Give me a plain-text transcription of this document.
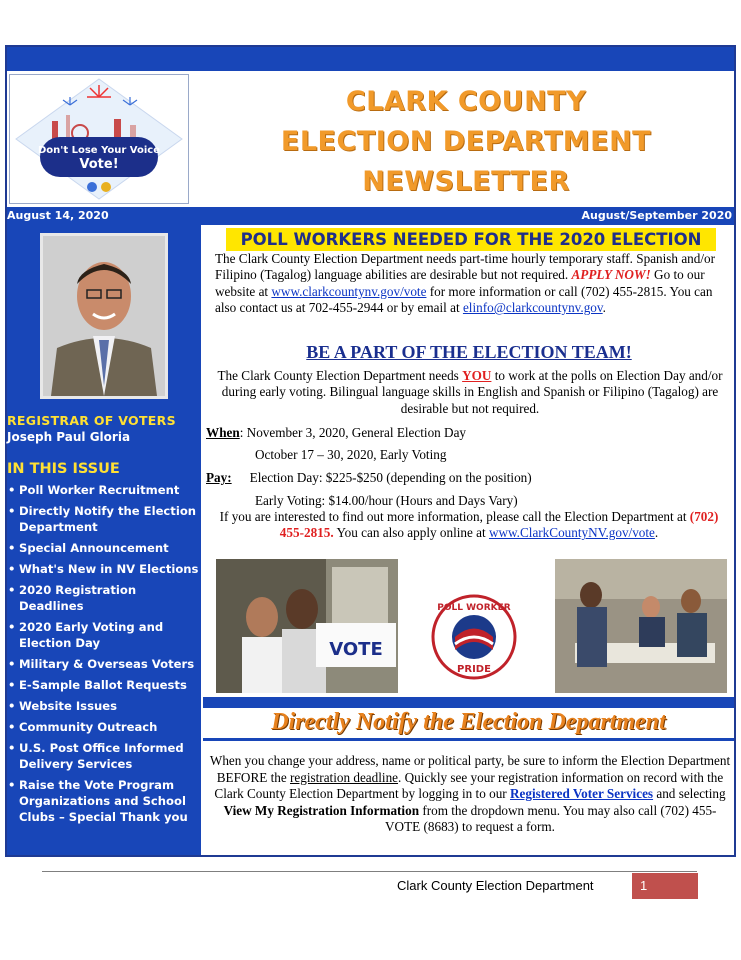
Don't Lose Your Voice
Vote!
CLARK COUNTY
ELECTION DEPARTMENT
NEWSLETTER
August 14, 2020	August/September 2020
REGISTRAR OF VOTERS
Joseph Paul Gloria
IN THIS ISSUE
• Poll Worker Recruitment
• Directly Notify the Election Department
• Special Announcement
• What's New in NV Elections
• 2020 Registration Deadlines
• 2020 Early Voting and Election Day
• Military & Overseas Voters
• E-Sample Ballot Requests
• Website Issues
• Community Outreach
• U.S. Post Office Informed Delivery Services
• Raise the Vote Program Organizations and School Clubs – Special Thank you
POLL WORKERS NEEDED FOR THE 2020 ELECTION
The Clark County Election Department needs part-time hourly temporary staff. Spanish and/or Filipino (Tagalog) language abilities are desirable but not required. APPLY NOW! Go to our website at www.clarkcountynv.gov/vote for more information or call (702) 455-2815. You can also contact us at 702-455-2944 or by email at elinfo@clarkcountynv.gov.
BE A PART OF THE ELECTION TEAM!
The Clark County Election Department needs YOU to work at the polls on Election Day and/or during early voting. Bilingual language skills in English and Spanish or Filipino (Tagalog) are desirable but not required.
When: November 3, 2020, General Election Day
October 17 – 30, 2020, Early Voting
Pay: Election Day: $225-$250 (depending on the position)
Early Voting: $14.00/hour (Hours and Days Vary)
If you are interested to find out more information, please call the Election Department at (702) 455-2815. You can also apply online at www.ClarkCountyNV.gov/vote.
VOTE
POLL WORKER
PRIDE
Directly Notify the Election Department
When you change your address, name or political party, be sure to inform the Election Department BEFORE the registration deadline. Quickly see your registration information on record with the Clark County Election Department by logging in to our Registered Voter Services and selecting View My Registration Information from the dropdown menu. You may also call (702) 455-VOTE (8683) to request a form.
Clark County Election Department	1
